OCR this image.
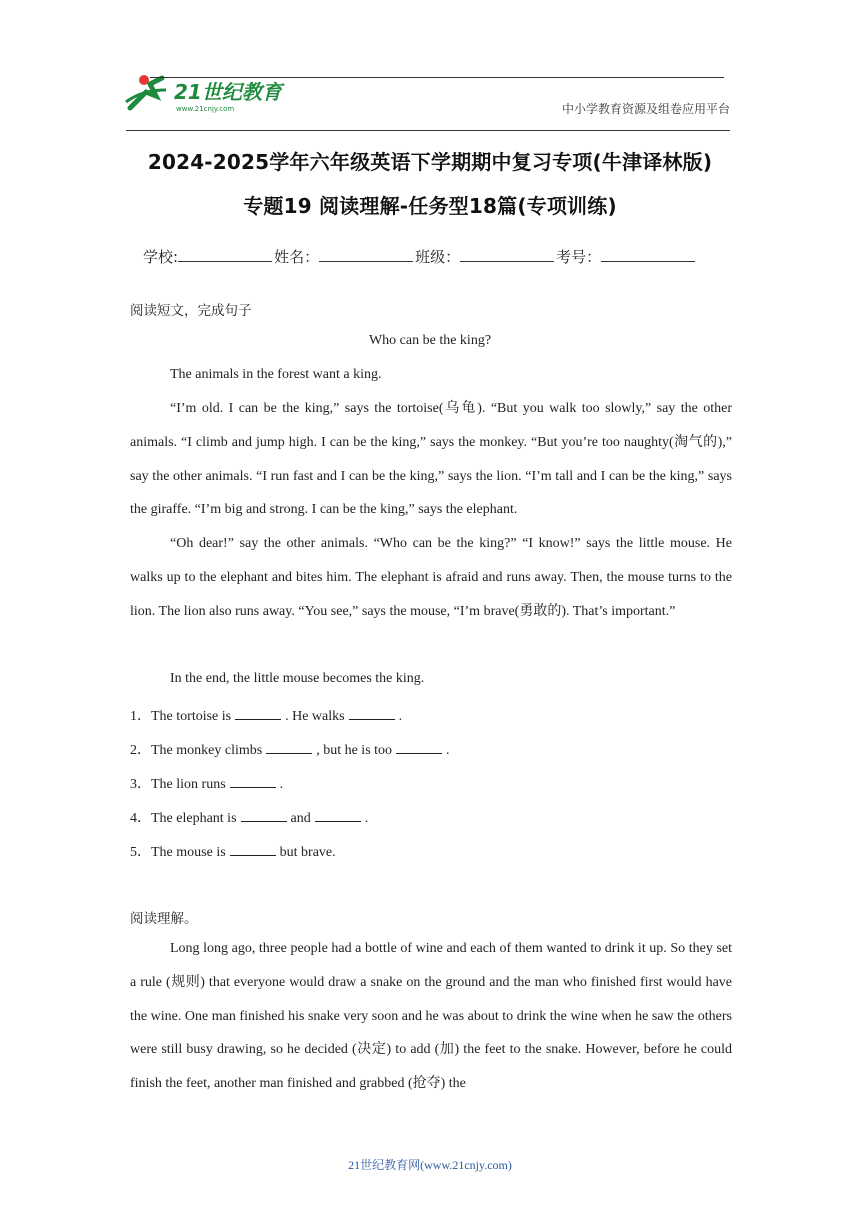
21世纪教育
www.21cnjy.com	中小学教育资源及组卷应用平台
2024-2025学年六年级英语下学期期中复习专项(牛津译林版)
专题19 阅读理解-任务型18篇(专项训练)
学校:	姓名：	班级：	考号：
阅读短文，完成句子
Who can be the king?

The animals in the forest want a king.

“I’m old. I can be the king,” says the tortoise(乌龟). “But you walk too slowly,” say the other animals. “I climb and jump high. I can be the king,” says the monkey. “But you’re too naughty(淘气的),” say the other animals. “I run fast and I can be the king,” says the lion. “I’m tall and I can be the king,” says the giraffe. “I’m big and strong. I can be the king,” says the elephant.

“Oh dear!” say the other animals. “Who can be the king?” “I know!” says the little mouse. He walks up to the elephant and bites him. The elephant is afraid and runs away. Then, the mouse turns to the lion. The lion also runs away. “You see,” says the mouse, “I’m brave(勇敢的). That’s important.”

In the end, the little mouse becomes the king.

1．The tortoise is	. He walks	.
2．The monkey climbs	, but he is too	.
3．The lion runs	.
4．The elephant is	and	.
5．The mouse is	but brave.
阅读理解。

Long long ago, three people had a bottle of wine and each of them wanted to drink it up. So they set a rule (规则) that everyone would draw a snake on the ground and the man who finished first would have the wine. One man finished his snake very soon and he was about to drink the wine when he saw the others were still busy drawing, so he decided (决定) to add (加) the feet to the snake. However, before he could finish the feet, another man finished and grabbed (抢夺) the

21世纪教育网(www.21cnjy.com)
